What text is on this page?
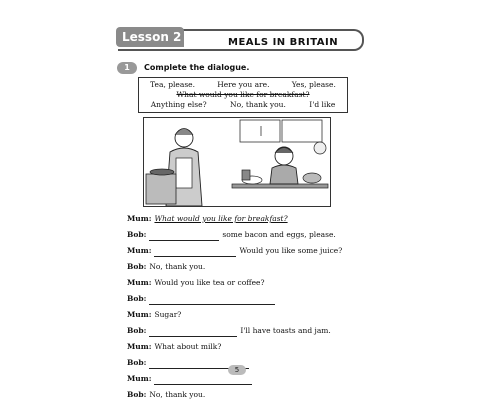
Lesson 2	MEALS IN BRITAIN
1	Complete the dialogue.
Tea, please.	Here you are.	Yes, please.
What would you like for breakfast?
Anything else?	No, thank you.	I'd like
Mum: What would you like for breakfast?
Bob:	some bacon and eggs, please.
Mum:	Would you like some juice?
Bob: No, thank you.
Mum: Would you like tea or coffee?
Bob:
Mum: Sugar?
Bob:	I'll have toasts and jam.
Mum: What about milk?
Bob:
Mum:
Bob: No, thank you.
5
